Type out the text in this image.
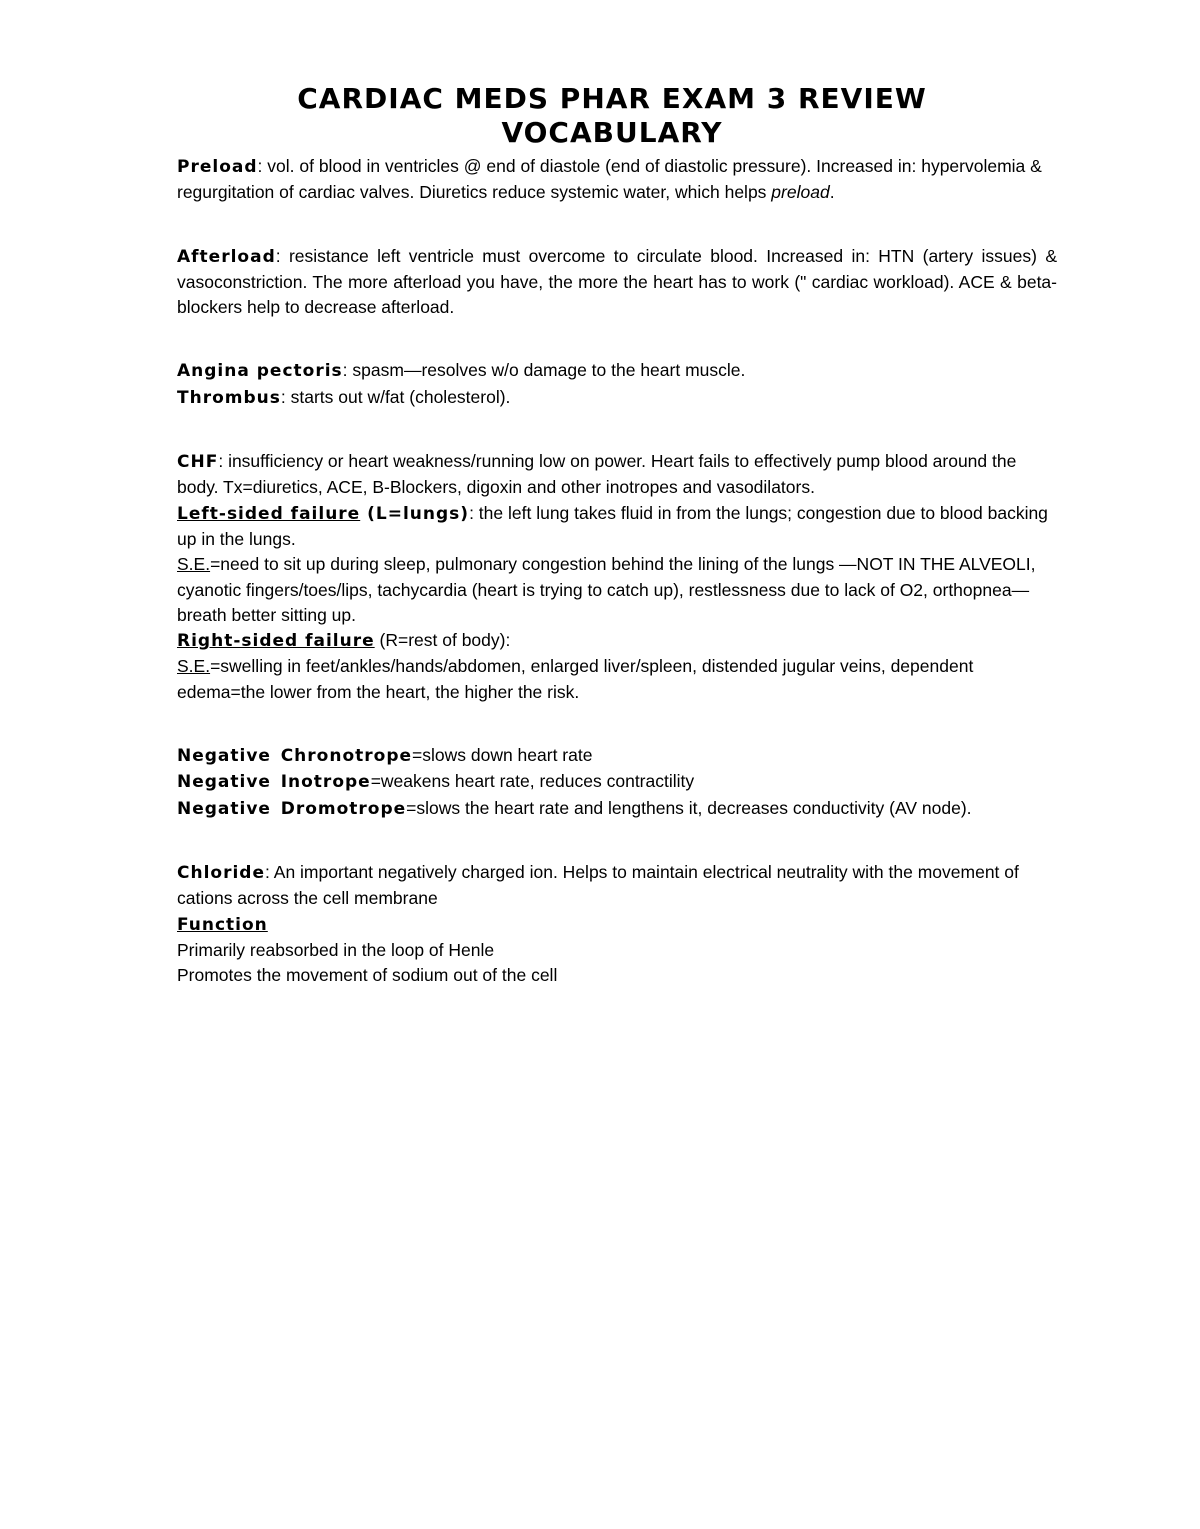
CARDIAC MEDS PHAR EXAM 3 REVIEW
VOCABULARY

Preload: vol. of blood in ventricles @ end of diastole (end of diastolic pressure). Increased in: hypervolemia & regurgitation of cardiac valves. Diuretics reduce systemic water, which helps preload.

Afterload: resistance left ventricle must overcome to circulate blood. Increased in: HTN (artery issues) & vasoconstriction. The more afterload you have, the more the heart has to work (" cardiac workload). ACE & beta-blockers help to decrease afterload.

Angina pectoris: spasm—resolves w/o damage to the heart muscle.

Thrombus: starts out w/fat (cholesterol).

CHF: insufficiency or heart weakness/running low on power. Heart fails to effectively pump blood around the body. Tx=diuretics, ACE, B-Blockers, digoxin and other inotropes and vasodilators.

Left-sided failure (L=lungs): the left lung takes fluid in from the lungs; congestion due to blood backing up in the lungs.

S.E.=need to sit up during sleep, pulmonary congestion behind the lining of the lungs —NOT IN THE ALVEOLI, cyanotic fingers/toes/lips, tachycardia (heart is trying to catch up), restlessness due to lack of O2, orthopnea—breath better sitting up.

Right-sided failure (R=rest of body):

S.E.=swelling in feet/ankles/hands/abdomen, enlarged liver/spleen, distended jugular veins, dependent edema=the lower from the heart, the higher the risk.

Negative Chronotrope=slows down heart rate

Negative Inotrope=weakens heart rate, reduces contractility

Negative Dromotrope=slows the heart rate and lengthens it, decreases conductivity (AV node).

Chloride: An important negatively charged ion. Helps to maintain electrical neutrality with the movement of cations across the cell membrane

Function

Primarily reabsorbed in the loop of Henle

Promotes the movement of sodium out of the cell
